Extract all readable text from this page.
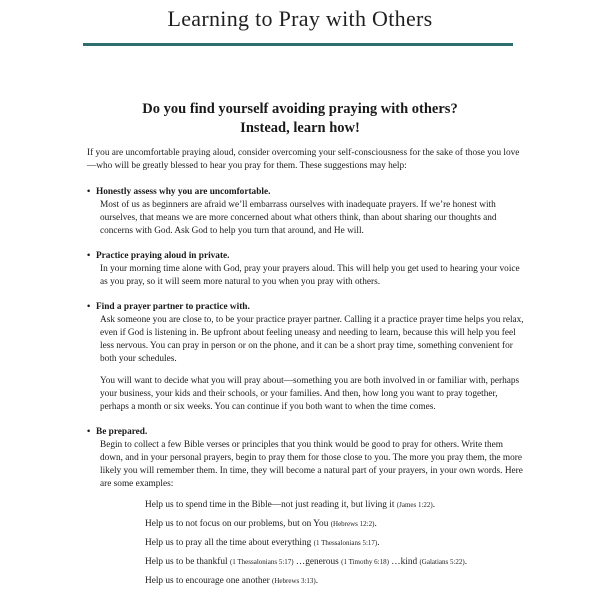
Learning to Pray with Others
Do you find yourself avoiding praying with others?
Instead, learn how!

If you are uncomfortable praying aloud, consider overcoming your self-consciousness for the sake of those you love—who will be greatly blessed to hear you pray for them. These suggestions may help:

• Honestly assess why you are uncomfortable.
Most of us as beginners are afraid we’ll embarrass ourselves with inadequate prayers. If we’re honest with ourselves, that means we are more concerned about what others think, than about sharing our thoughts and concerns with God. Ask God to help you turn that around, and He will.
• Practice praying aloud in private.
In your morning time alone with God, pray your prayers aloud. This will help you get used to hearing your voice as you pray, so it will seem more natural to you when you pray with others.
• Find a prayer partner to practice with.
Ask someone you are close to, to be your practice prayer partner. Calling it a practice prayer time helps you relax, even if God is listening in. Be upfront about feeling uneasy and needing to learn, because this will help you feel less nervous. You can pray in person or on the phone, and it can be a short pray time, something convenient for both your schedules.
You will want to decide what you will pray about—something you are both involved in or familiar with, perhaps your business, your kids and their schools, or your families. And then, how long you want to pray together, perhaps a month or six weeks. You can continue if you both want to when the time comes.
• Be prepared.
Begin to collect a few Bible verses or principles that you think would be good to pray for others. Write them down, and in your personal prayers, begin to pray them for those close to you. The more you pray them, the more likely you will remember them. In time, they will become a natural part of your prayers, in your own words. Here are some examples:
Help us to spend time in the Bible—not just reading it, but living it (James 1:22).
Help us to not focus on our problems, but on You (Hebrews 12:2).
Help us to pray all the time about everything (1 Thessalonians 5:17).
Help us to be thankful (1 Thessalonians 5:17) …generous (1 Timothy 6:18) …kind (Galatians 5:22).
Help us to encourage one another (Hebrews 3:13).
